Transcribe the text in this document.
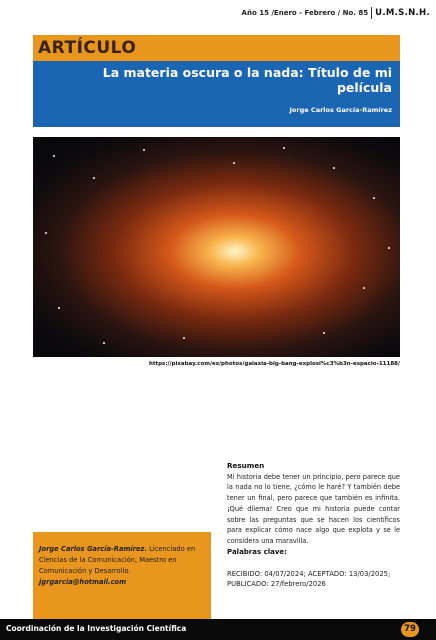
Año 15 /Enero - Febrero / No. 85 U.M.S.N.H.
ARTÍCULO
La materia oscura o la nada: Título de mi película
Jorge Carlos García-Ramírez
https://pixabay.com/es/photos/galaxia-big-bang-explosi%c3%b3n-espacio-11188/
Resumen

Mi historia debe tener un principio, pero parece que la nada no lo tiene, ¿cómo le haré? Y también debe tener un final, pero parece que también es infinita. ¡Qué dilema! Creo que mi historia puede contar sobre las preguntas que se hacen los científicos para explicar cómo nace algo que explota y se le considera una maravilla.

Palabras clave:
RECIBIDO: 04/07/2024; ACEPTADO: 13/03/2025; PUBLICADO: 27/febrero/2026
Jorge Carlos García-Ramírez. Licenciado en Ciencias de la Comunicación, Maestro en Comunicación y Desarrollo.
jgrgarcia@hotmail.com
Coordinación de la Investigación Científica	79
